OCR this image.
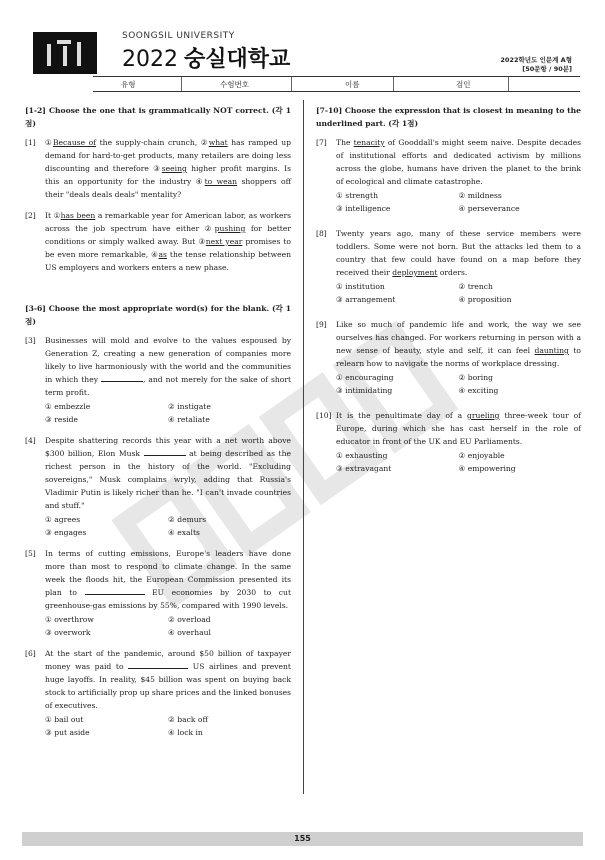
SOONGSIL UNIVERSITY
2022 숭실대학교	2022학년도 인문계 A형
[50문항 / 90분]
유형	수험번호	이름	검인
[1-2] Choose the one that is grammatically NOT correct. (각 1점)
[1]	①Because of the supply-chain crunch, ②what has ramped up demand for hard-to-get products, many retailers are doing less discounting and therefore ③seeing higher profit margins. Is this an opportunity for the industry ④to wean shoppers off their "deals deals deals" mentality?
[2]	It ①has been a remarkable year for American labor, as workers across the job spectrum have either ②pushing for better conditions or simply walked away. But ③next year promises to be even more remarkable, ④as the tense relationship between US employers and workers enters a new phase.
[3-6] Choose the most appropriate word(s) for the blank. (각 1점)
[3]	Businesses will mold and evolve to the values espoused by Generation Z, creating a new generation of companies more likely to live harmoniously with the world and the communities in which they	, and not merely for the sake of short term profit.
① embezzle	② instigate
③ reside	④ retaliate
[4]	Despite shattering records this year with a net worth above $300 billion, Elon Musk	at being described as the richest person in the history of the world. "Excluding sovereigns," Musk complains wryly, adding that Russia's Vladimir Putin is likely richer than he. "I can't invade countries and stuff."
① agrees	② demurs
③ engages	④ exalts
[5]	In terms of cutting emissions, Europe's leaders have done more than most to respond to climate change. In the same week the floods hit, the European Commission presented its plan to	EU economies by 2030 to cut greenhouse-gas emissions by 55%, compared with 1990 levels.
① overthrow	② overload
③ overwork	④ overhaul
[6]	At the start of the pandemic, around $50 billion of taxpayer money was paid to	US airlines and prevent huge layoffs. In reality, $45 billion was spent on buying back stock to artificially prop up share prices and the linked bonuses of executives.
① bail out	② back off
③ put aside	④ lock in
[7-10] Choose the expression that is closest in meaning to the underlined part. (각 1점)
[7]	The tenacity of Gooddall's might seem naive. Despite decades of institutional efforts and dedicated activism by millions across the globe, humans have driven the planet to the brink of ecological and climate catastrophe.
① strength	② mildness
③ intelligence	④ perseverance
[8]	Twenty years ago, many of these service members were toddlers. Some were not born. But the attacks led them to a country that few could have found on a map before they received their deployment orders.
① institution	② trench
③ arrangement	④ proposition
[9]	Like so much of pandemic life and work, the way we see ourselves has changed. For workers returning in person with a new sense of beauty, style and self, it can feel daunting to relearn how to navigate the norms of workplace dressing.
① encouraging	② boring
③ intimidating	④ exciting
[10] It is the penultimate day of a grueling three-week tour of Europe, during which she has cast herself in the role of educator in front of the UK and EU Parliaments.
① exhausting	② enjoyable
③ extravagant	④ empowering
155
